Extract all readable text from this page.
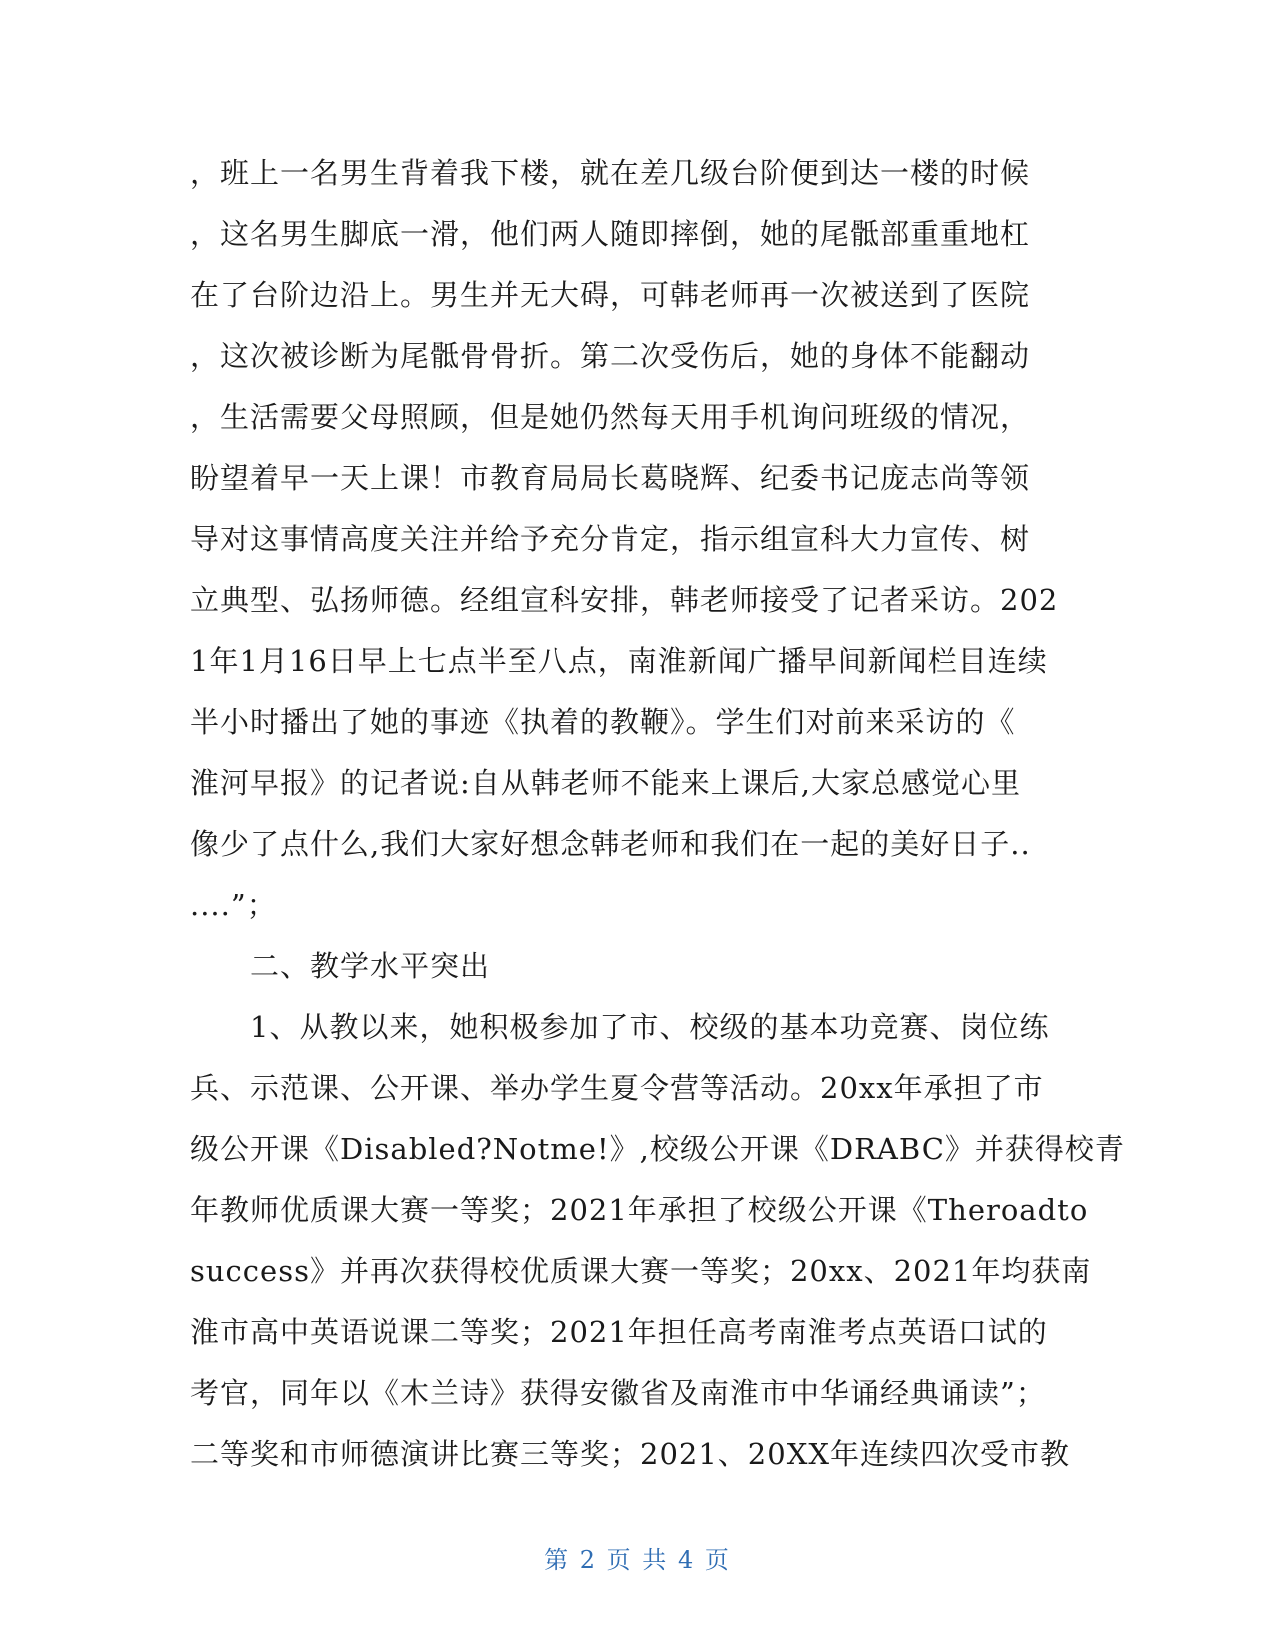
，班上一名男生背着我下楼，就在差几级台阶便到达一楼的时候
，这名男生脚底一滑，他们两人随即摔倒，她的尾骶部重重地杠
在了台阶边沿上。男生并无大碍，可韩老师再一次被送到了医院
，这次被诊断为尾骶骨骨折。第二次受伤后，她的身体不能翻动
，生活需要父母照顾，但是她仍然每天用手机询问班级的情况，
盼望着早一天上课！市教育局局长葛晓辉、纪委书记庞志尚等领
导对这事情高度关注并给予充分肯定，指示组宣科大力宣传、树
立典型、弘扬师德。经组宣科安排，韩老师接受了记者采访。202
1年1月16日早上七点半至八点，南淮新闻广播早间新闻栏目连续
半小时播出了她的事迹《执着的教鞭》。学生们对前来采访的《
淮河早报》的记者说:自从韩老师不能来上课后,大家总感觉心里
像少了点什么,我们大家好想念韩老师和我们在一起的美好日子..
....”；
　　二、教学水平突出
　　1、从教以来，她积极参加了市、校级的基本功竞赛、岗位练
兵、示范课、公开课、举办学生夏令营等活动。20xx年承担了市
级公开课《Disabled?Notme!》,校级公开课《DRABC》并获得校青
年教师优质课大赛一等奖；2021年承担了校级公开课《Theroadto
success》并再次获得校优质课大赛一等奖；20xx、2021年均获南
淮市高中英语说课二等奖；2021年担任高考南淮考点英语口试的
考官，同年以《木兰诗》获得安徽省及南淮市中华诵经典诵读”；
二等奖和市师德演讲比赛三等奖；2021、20XX年连续四次受市教
第 2 页 共 4 页
